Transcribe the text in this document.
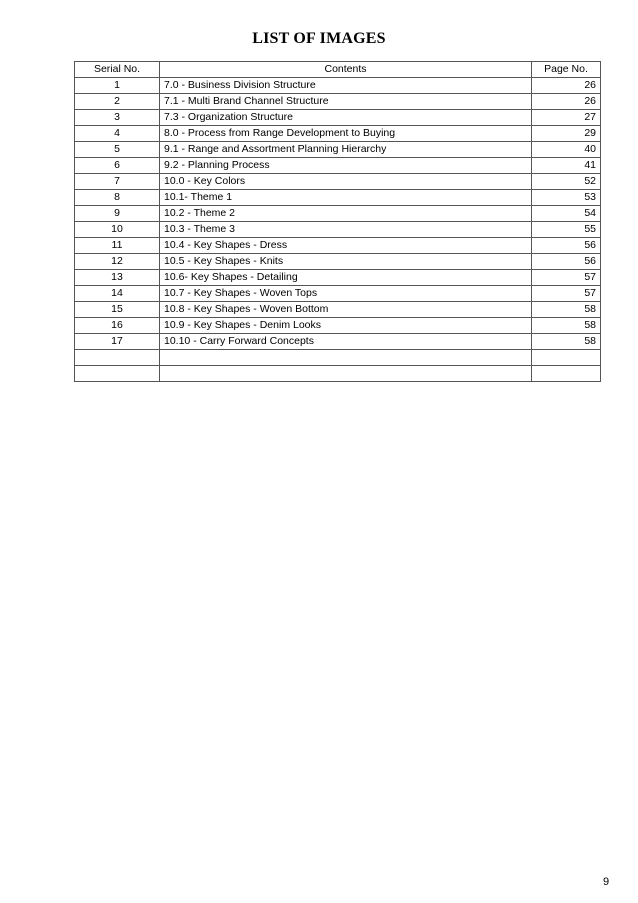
LIST OF IMAGES
Serial No.	Contents	Page No.
1	7.0 - Business Division Structure	26
2	7.1 - Multi Brand Channel Structure	26
3	7.3 - Organization Structure	27
4	8.0 - Process from Range Development to Buying	29
5	9.1 - Range and Assortment Planning Hierarchy	40
6	9.2 - Planning Process	41
7	10.0 - Key Colors	52
8	10.1- Theme 1	53
9	10.2 - Theme 2	54
10	10.3 - Theme 3	55
11	10.4 - Key Shapes - Dress	56
12	10.5 - Key Shapes - Knits	56
13	10.6- Key Shapes - Detailing	57
14	10.7 - Key Shapes - Woven Tops	57
15	10.8 - Key Shapes - Woven Bottom	58
16	10.9 - Key Shapes - Denim Looks	58
17	10.10 - Carry Forward Concepts	58

9
